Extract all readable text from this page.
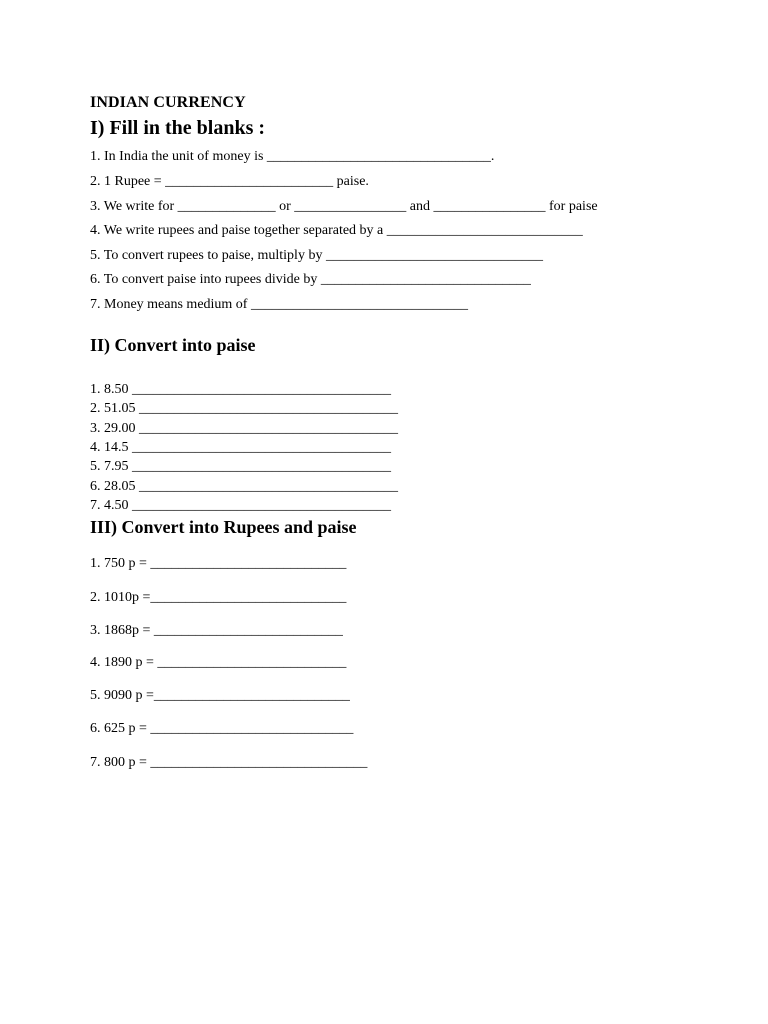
INDIAN CURRENCY
I) Fill in the blanks :
1. In India the unit of money is ________________________________.
2. 1 Rupee = ________________________ paise.
3. We write for ______________ or ________________ and ________________ for paise
4. We write rupees and paise together separated by a ____________________________
5. To convert rupees to paise, multiply by _______________________________
6. To convert paise into rupees divide by ______________________________
7. Money means medium of _______________________________
II) Convert into paise
1. 8.50 _____________________________________
2. 51.05 _____________________________________
3. 29.00 _____________________________________
4. 14.5 _____________________________________
5. 7.95 _____________________________________
6. 28.05 _____________________________________
7. 4.50 _____________________________________
III) Convert into Rupees and paise
1. 750 p = ____________________________
2. 1010p =____________________________
3. 1868p = ___________________________
4. 1890 p = ___________________________
5. 9090 p =____________________________
6. 625 p = _____________________________
7. 800 p = _______________________________
